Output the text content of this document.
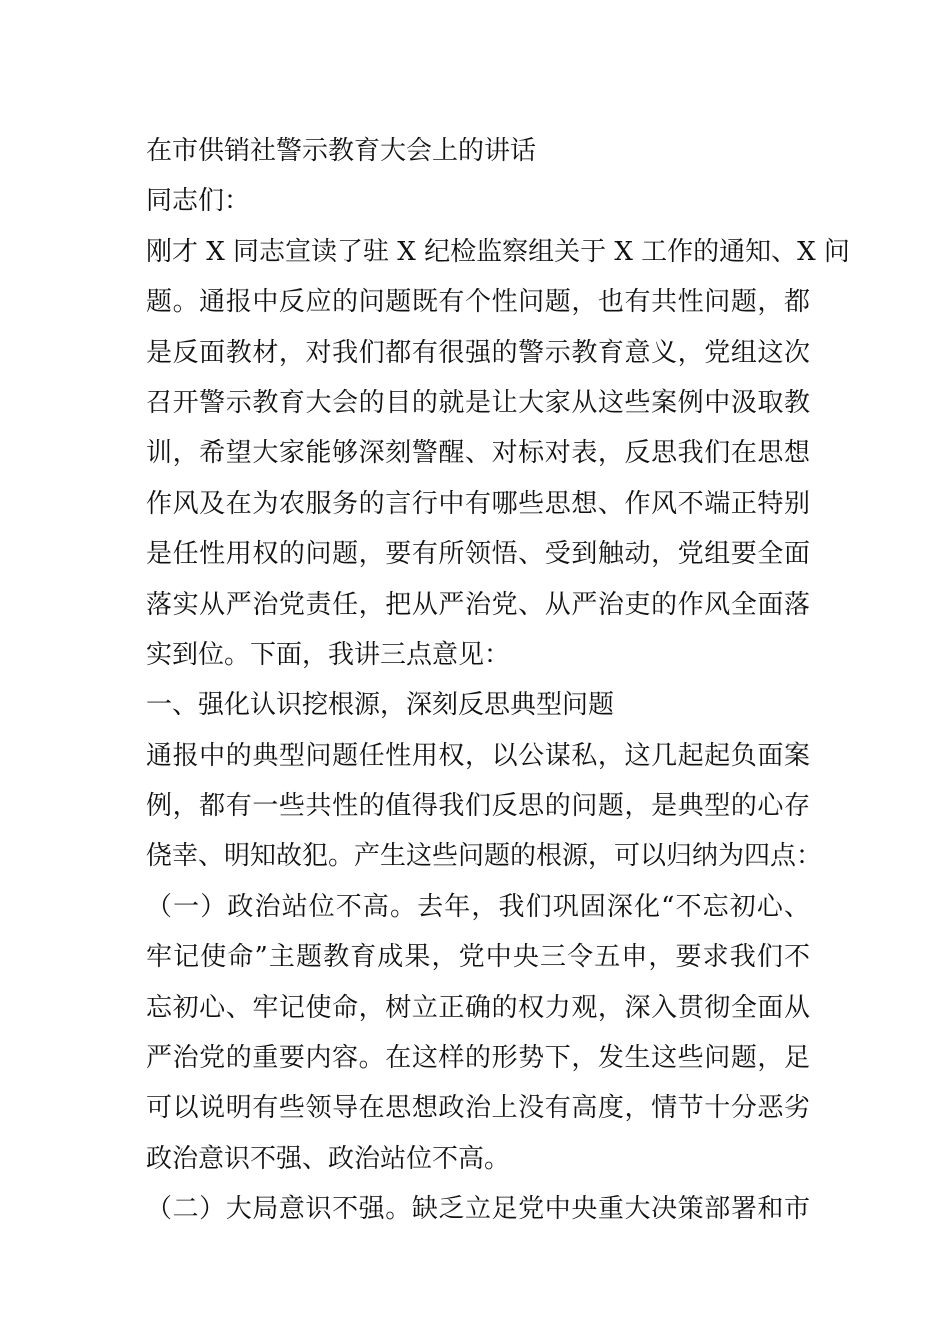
在市供销社警示教育大会上的讲话
同志们：
刚才 X 同志宣读了驻 X 纪检监察组关于 X 工作的通知、X 问
题。通报中反应的问题既有个性问题，也有共性问题，都
是反面教材，对我们都有很强的警示教育意义，党组这次
召开警示教育大会的目的就是让大家从这些案例中汲取教
训，希望大家能够深刻警醒、对标对表，反思我们在思想
作风及在为农服务的言行中有哪些思想、作风不端正特别
是任性用权的问题，要有所领悟、受到触动，党组要全面
落实从严治党责任，把从严治党、从严治吏的作风全面落
实到位。下面，我讲三点意见：
一、强化认识挖根源，深刻反思典型问题
通报中的典型问题任性用权，以公谋私，这几起起负面案
例，都有一些共性的值得我们反思的问题，是典型的心存
侥幸、明知故犯。产生这些问题的根源，可以归纳为四点：
（一）政治站位不高。去年，我们巩固深化“不忘初心、
牢记使命”主题教育成果，党中央三令五申，要求我们不
忘初心、牢记使命，树立正确的权力观，深入贯彻全面从
严治党的重要内容。在这样的形势下，发生这些问题，足
可以说明有些领导在思想政治上没有高度，情节十分恶劣
政治意识不强、政治站位不高。
（二）大局意识不强。缺乏立足党中央重大决策部署和市
